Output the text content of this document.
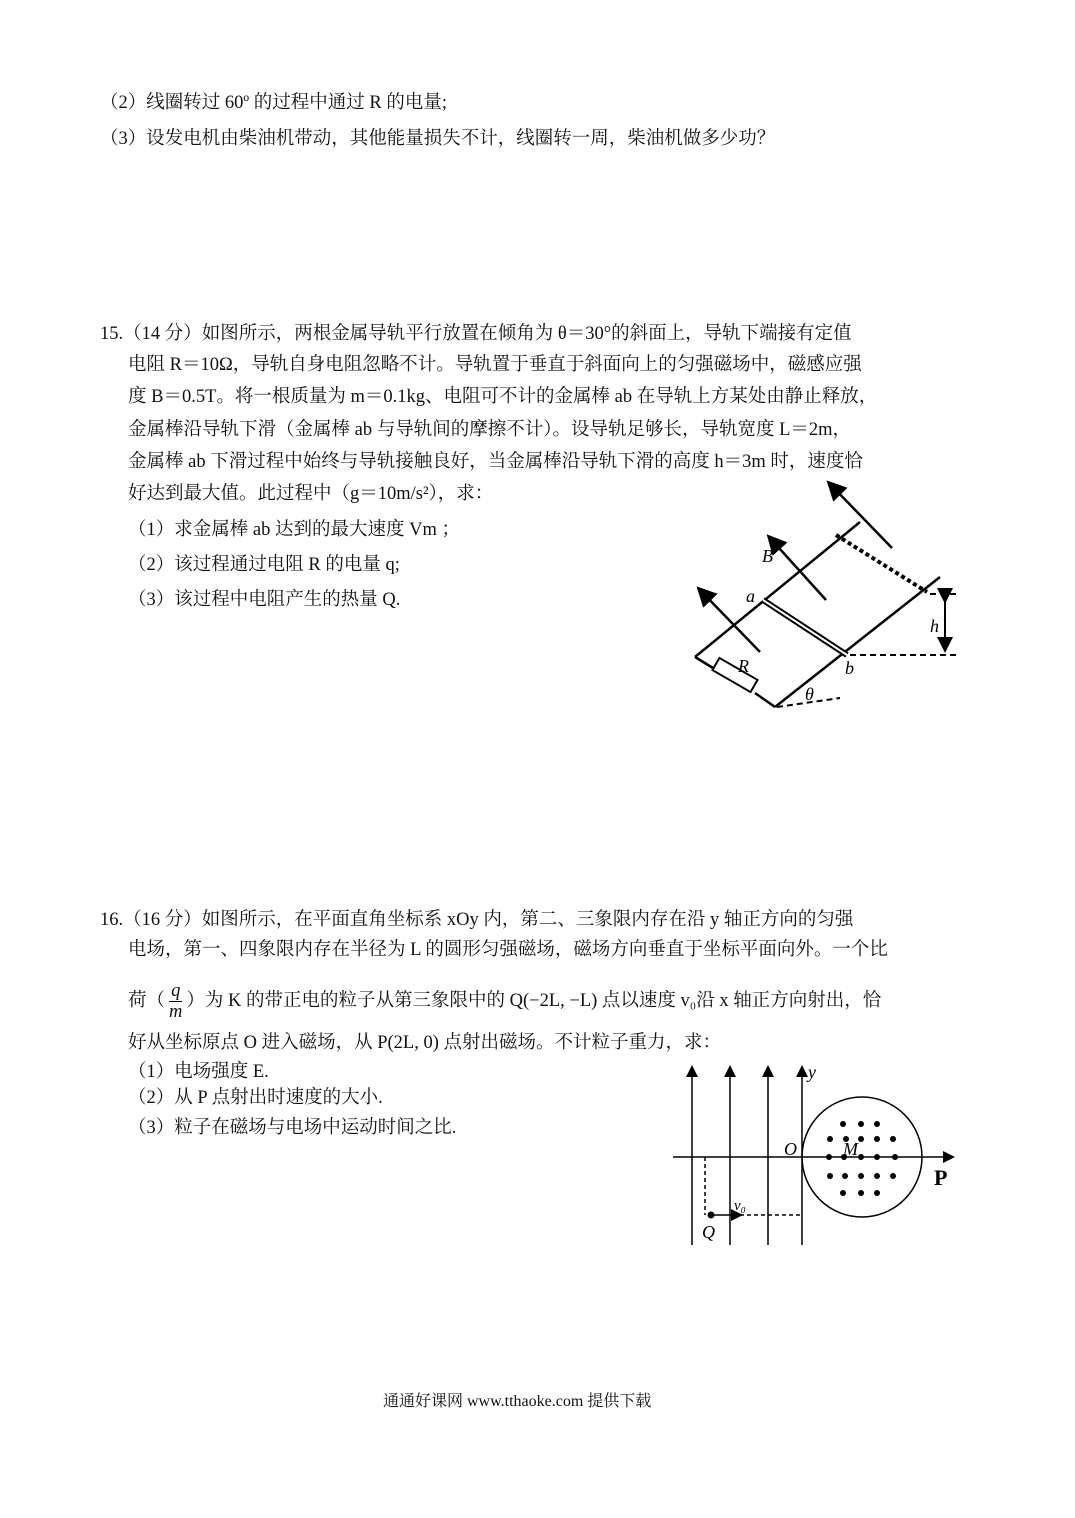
（2）线圈转过 60º 的过程中通过 R 的电量;
（3）设发电机由柴油机带动，其他能量损失不计，线圈转一周，柴油机做多少功？
15.（14 分）如图所示，两根金属导轨平行放置在倾角为 θ＝30°的斜面上，导轨下端接有定值
电阻 R＝10Ω，导轨自身电阻忽略不计。导轨置于垂直于斜面向上的匀强磁场中，磁感应强
度 B＝0.5T。将一根质量为 m＝0.1kg、电阻可不计的金属棒 ab 在导轨上方某处由静止释放，
金属棒沿导轨下滑（金属棒 ab 与导轨间的摩擦不计）。设导轨足够长，导轨宽度 L＝2m，
金属棒 ab 下滑过程中始终与导轨接触良好，当金属棒沿导轨下滑的高度 h＝3m 时，速度恰
好达到最大值。此过程中（g＝10m/s²），求：
（1）求金属棒 ab 达到的最大速度 Vm ；
（2）该过程通过电阻 R 的电量 q;
（3）该过程中电阻产生的热量 Q.
B
a
b
h
R
θ
y
O	M
P
Q
v₀
16.（16 分）如图所示，在平面直角坐标系 xOy 内，第二、三象限内存在沿 y 轴正方向的匀强
电场，第一、四象限内存在半径为 L 的圆形匀强磁场，磁场方向垂直于坐标平面向外。一个比
荷（ $\frac{q}{m}$ ）为 K 的带正电的粒子从第三象限中的 Q(−2L, −L) 点以速度 v₀沿 x 轴正方向射出，恰
好从坐标原点 O 进入磁场，从 P(2L, 0) 点射出磁场。不计粒子重力，求：
（1）电场强度 E.
（2）从 P 点射出时速度的大小.
（3）粒子在磁场与电场中运动时间之比.
通通好课网 www.tthaoke.com 提供下载
